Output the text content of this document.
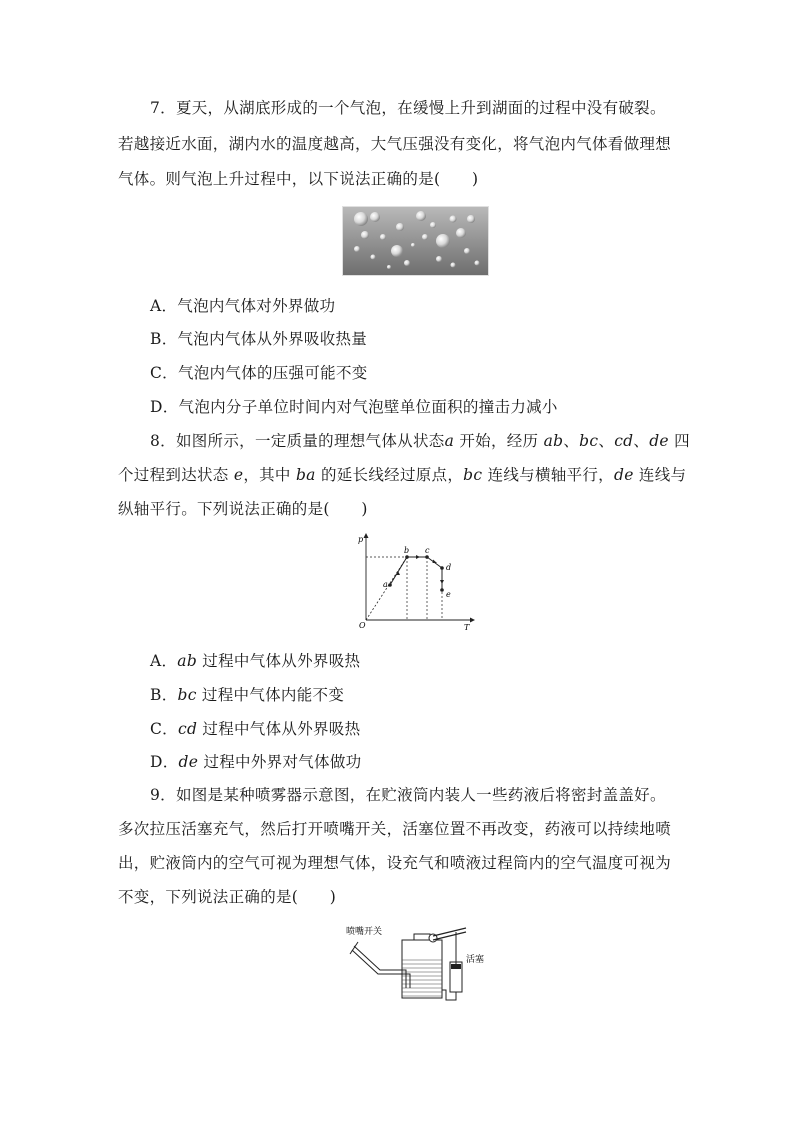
7．夏天，从湖底形成的一个气泡，在缓慢上升到湖面的过程中没有破裂。
若越接近水面，湖内水的温度越高，大气压强没有变化，将气泡内气体看做理想
气体。则气泡上升过程中，以下说法正确的是(　　)
A．气泡内气体对外界做功
B．气泡内气体从外界吸收热量
C．气泡内气体的压强可能不变
D．气泡内分子单位时间内对气泡壁单位面积的撞击力减小
8．如图所示，一定质量的理想气体从状态a 开始，经历 ab、bc、cd、de 四
个过程到达状态 e，其中 ba 的延长线经过原点，bc 连线与横轴平行，de 连线与
纵轴平行。下列说法正确的是(　　)
p
T
O
a
b c
d
e
A．ab 过程中气体从外界吸热
B．bc 过程中气体内能不变
C．cd 过程中气体从外界吸热
D．de 过程中外界对气体做功
9．如图是某种喷雾器示意图，在贮液筒内装人一些药液后将密封盖盖好。
多次拉压活塞充气，然后打开喷嘴开关，活塞位置不再改变，药液可以持续地喷
出，贮液筒内的空气可视为理想气体，设充气和喷液过程筒内的空气温度可视为
不变，下列说法正确的是(　　)
喷嘴开关
活塞
